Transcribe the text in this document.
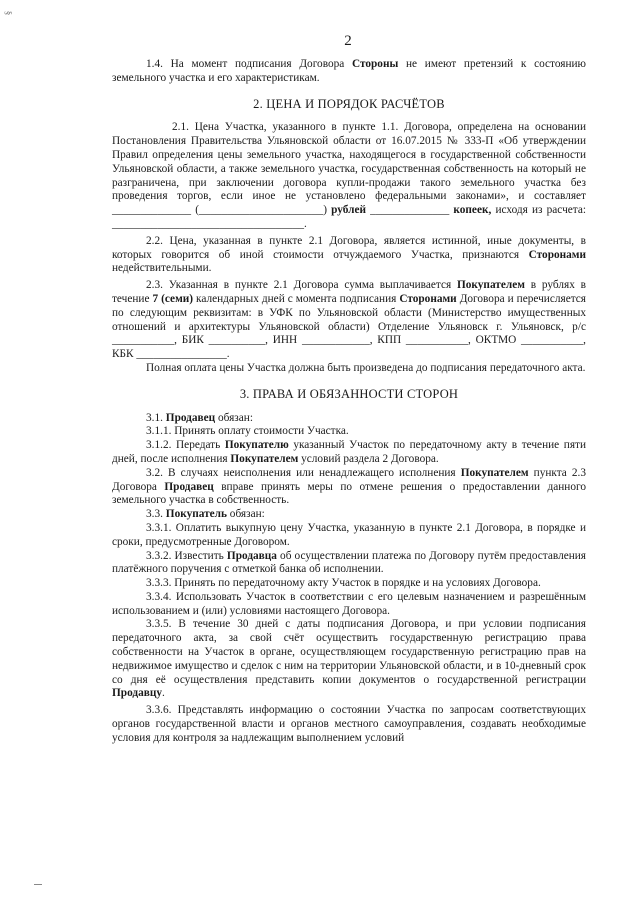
§
2

1.4. На момент подписания Договора Стороны не имеют претензий к состоянию земельного участка и его характеристикам.

2. ЦЕНА И ПОРЯДОК РАСЧЁТОВ

2.1. Цена Участка, указанного в пункте 1.1. Договора, определена на основании Постановления Правительства Ульяновской области от 16.07.2015 № 333-П «Об утверждении Правил определения цены земельного участка, находящегося в государственной собственности Ульяновской области, а также земельного участка, государственная собственность на который не разграничена, при заключении договора купли-продажи такого земельного участка без проведения торгов, если иное не установлено федеральными законами», и составляет ______________ (______________________) рублей ______________ копеек, исходя из расчета: __________________________________.

2.2. Цена, указанная в пункте 2.1 Договора, является истинной, иные документы, в которых говорится об иной стоимости отчуждаемого Участка, признаются Сторонами недействительными.

2.3. Указанная в пункте 2.1 Договора сумма выплачивается Покупателем в рублях в течение 7 (семи) календарных дней с момента подписания Сторонами Договора и перечисляется по следующим реквизитам: в УФК по Ульяновской области (Министерство имущественных отношений и архитектуры Ульяновской области) Отделение Ульяновск г. Ульяновск, р/с ___________, БИК __________, ИНН ____________, КПП ___________, ОКТМО ___________, КБК ________________.

Полная оплата цены Участка должна быть произведена до подписания передаточного акта.

3. ПРАВА И ОБЯЗАННОСТИ СТОРОН

3.1. Продавец обязан:

3.1.1. Принять оплату стоимости Участка.

3.1.2. Передать Покупателю указанный Участок по передаточному акту в течение пяти дней, после исполнения Покупателем условий раздела 2 Договора.

3.2. В случаях неисполнения или ненадлежащего исполнения Покупателем пункта 2.3 Договора Продавец вправе принять меры по отмене решения о предоставлении данного земельного участка в собственность.

3.3. Покупатель обязан:

3.3.1. Оплатить выкупную цену Участка, указанную в пункте 2.1 Договора, в порядке и сроки, предусмотренные Договором.

3.3.2. Известить Продавца об осуществлении платежа по Договору путём предоставления платёжного поручения с отметкой банка об исполнении.

3.3.3. Принять по передаточному акту Участок в порядке и на условиях Договора.

3.3.4. Использовать Участок в соответствии с его целевым назначением и разрешённым использованием и (или) условиями настоящего Договора.

3.3.5. В течение 30 дней с даты подписания Договора, и при условии подписания передаточного акта, за свой счёт осуществить государственную регистрацию права собственности на Участок в органе, осуществляющем государственную регистрацию прав на недвижимое имущество и сделок с ним на территории Ульяновской области, и в 10-дневный срок со дня её осуществления представить копии документов о государственной регистрации Продавцу.

3.3.6. Представлять информацию о состоянии Участка по запросам соответствующих органов государственной власти и органов местного самоуправления, создавать необходимые условия для контроля за надлежащим выполнением условий
